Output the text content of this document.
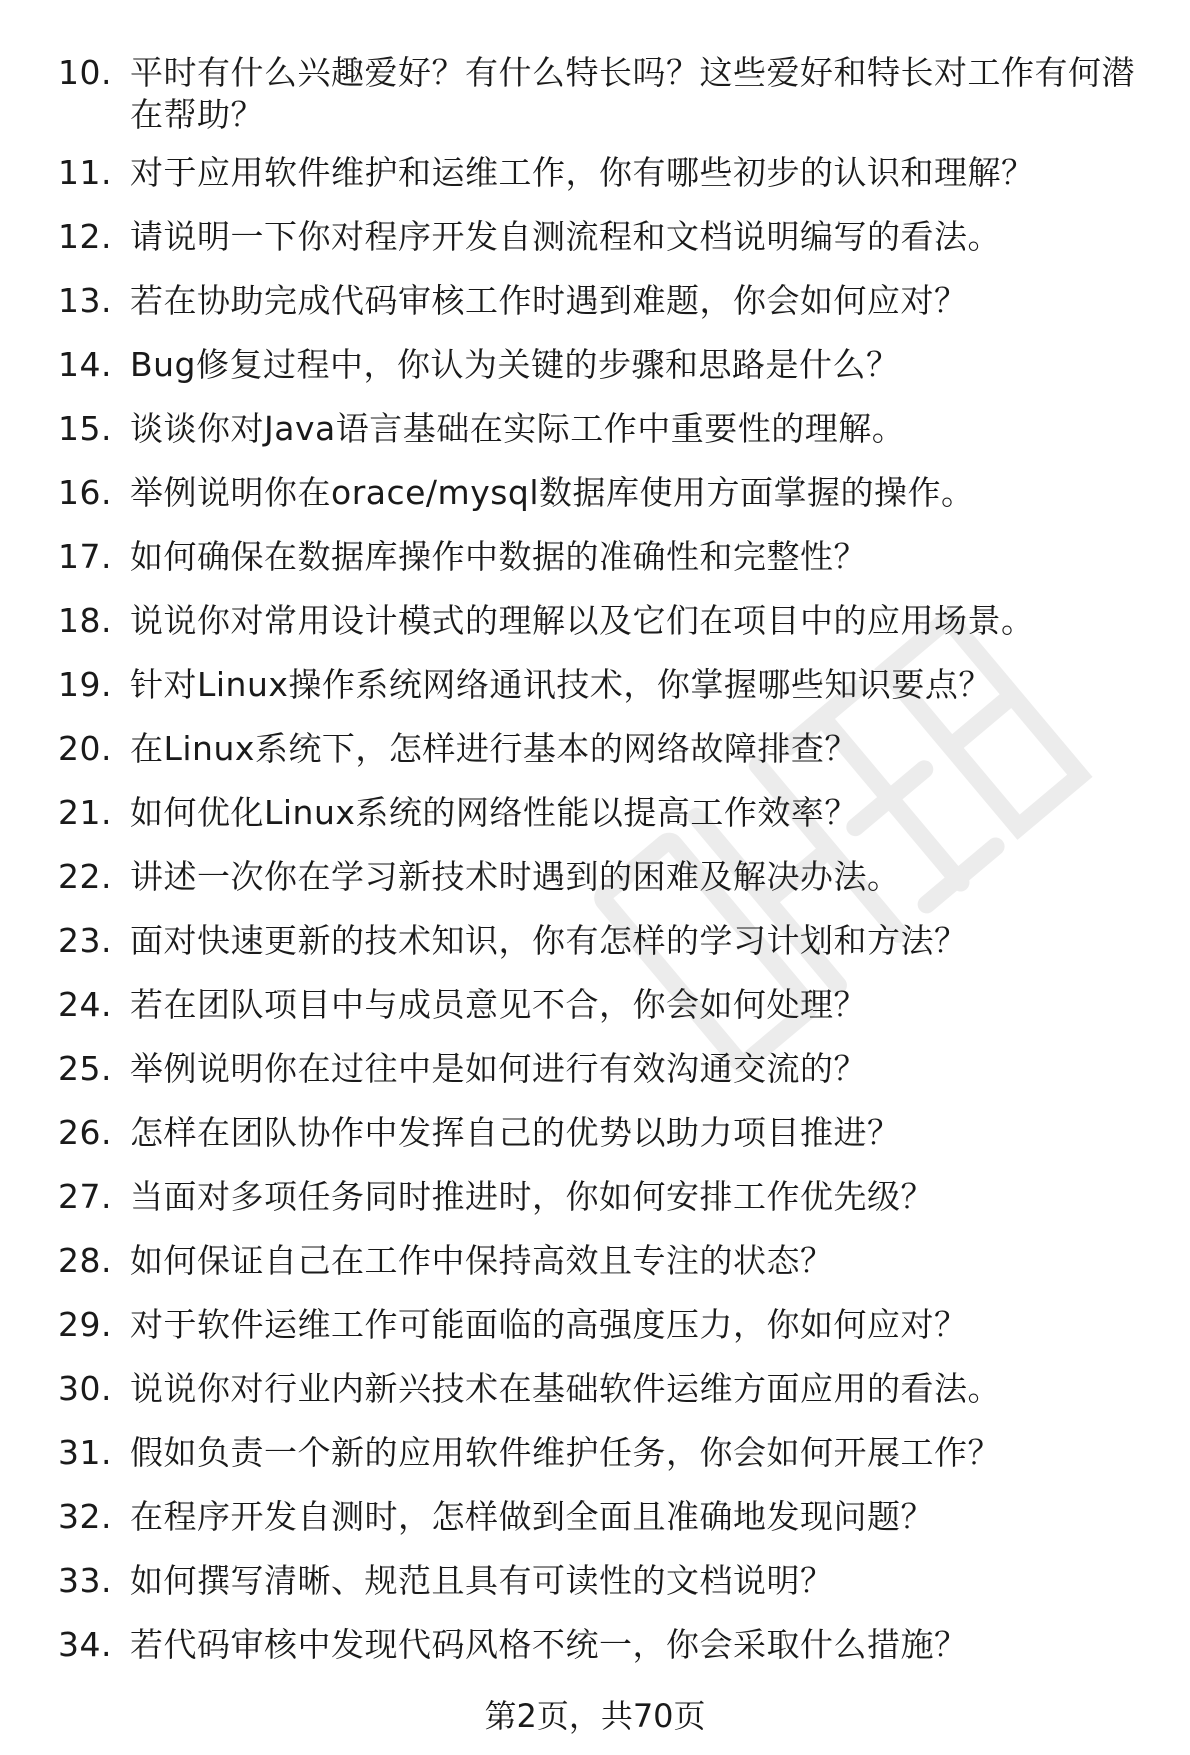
10. 平时有什么兴趣爱好？有什么特长吗？这些爱好和特长对工作有何潜在帮助？
11. 对于应用软件维护和运维工作，你有哪些初步的认识和理解？
12. 请说明一下你对程序开发自测流程和文档说明编写的看法。
13. 若在协助完成代码审核工作时遇到难题，你会如何应对？
14. Bug修复过程中，你认为关键的步骤和思路是什么？
15. 谈谈你对Java语言基础在实际工作中重要性的理解。
16. 举例说明你在orace/mysql数据库使用方面掌握的操作。
17. 如何确保在数据库操作中数据的准确性和完整性？
18. 说说你对常用设计模式的理解以及它们在项目中的应用场景。
19. 针对Linux操作系统网络通讯技术，你掌握哪些知识要点？
20. 在Linux系统下，怎样进行基本的网络故障排查？
21. 如何优化Linux系统的网络性能以提高工作效率？
22. 讲述一次你在学习新技术时遇到的困难及解决办法。
23. 面对快速更新的技术知识，你有怎样的学习计划和方法？
24. 若在团队项目中与成员意见不合，你会如何处理？
25. 举例说明你在过往中是如何进行有效沟通交流的？
26. 怎样在团队协作中发挥自己的优势以助力项目推进？
27. 当面对多项任务同时推进时，你如何安排工作优先级？
28. 如何保证自己在工作中保持高效且专注的状态？
29. 对于软件运维工作可能面临的高强度压力，你如何应对？
30. 说说你对行业内新兴技术在基础软件运维方面应用的看法。
31. 假如负责一个新的应用软件维护任务，你会如何开展工作？
32. 在程序开发自测时，怎样做到全面且准确地发现问题？
33. 如何撰写清晰、规范且具有可读性的文档说明？
34. 若代码审核中发现代码风格不统一，你会采取什么措施？
第2页，共70页
